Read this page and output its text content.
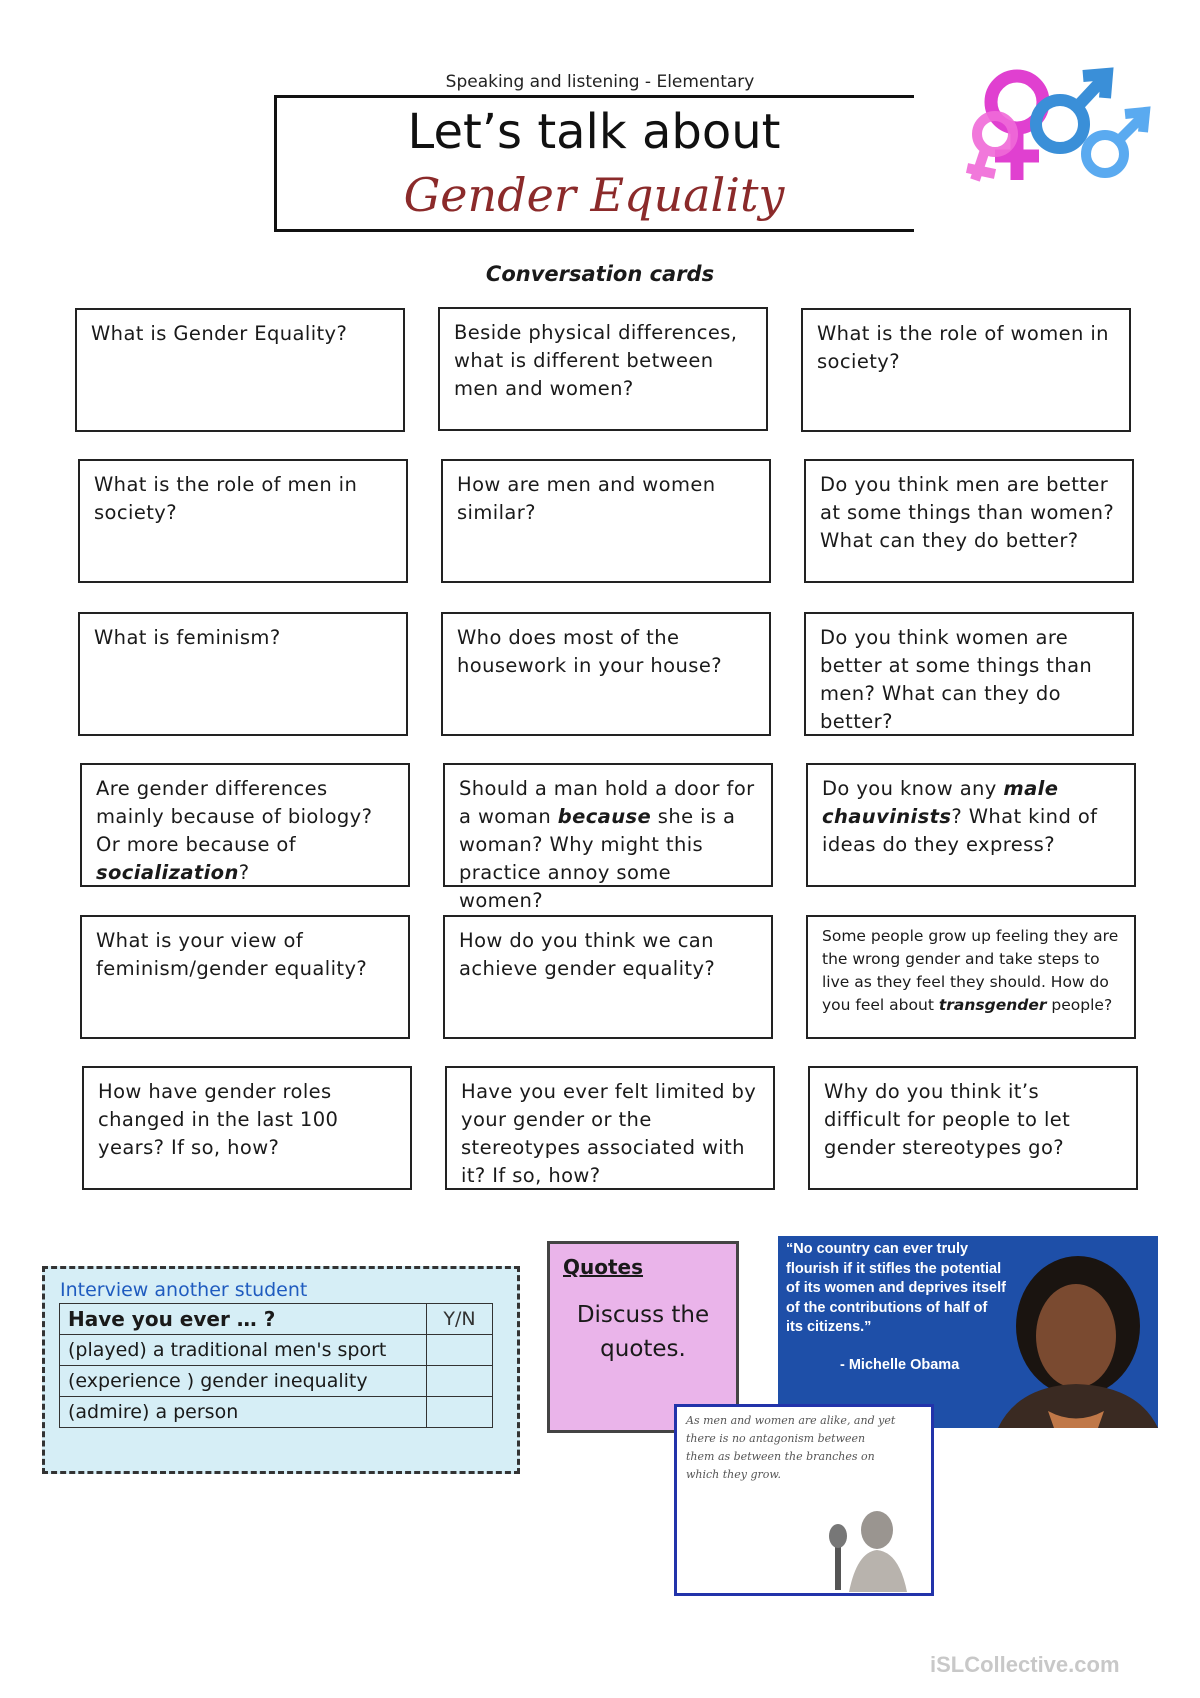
Speaking and listening - Elementary
Let’s talk about
Gender Equality
Conversation cards
What is Gender Equality?	Beside physical differences, what is different between men and women?
What is the role of women in society?
What is the role of men in society?
How are men and women similar?
Do you think men are better at some things than women? What can they do better?
What is feminism?	Who does most of the housework in your house?
Do you think women are better at some things than men? What can they do better?
Are gender differences mainly because of biology? Or more because of socialization?
Should a man hold a door for a woman because she is a woman? Why might this practice annoy some women?
Do you know any male chauvinists? What kind of ideas do they express?
What is your view of feminism/gender equality?
How do you think we can achieve gender equality?
Some people grow up feeling they are the wrong gender and take steps to live as they feel they should. How do you feel about transgender people?
How have gender roles changed in the last 100 years? If so, how?
Have you ever felt limited by your gender or the stereotypes associated with it? If so, how?
Why do you think it’s difficult for people to let gender stereotypes go?
Interview another student
Have you ever … ?	Y/N
(played) a traditional men's sport	
(experience ) gender inequality	
(admire) a person	
Quotes
Discuss the quotes.
“No country can ever truly flourish if it stifles the potential of its women and deprives itself of the contributions of half of its citizens.”
- Michelle Obama
As men and women are alike, and yet there is no antagonism between them as between the branches on which they grow.
iSLCollective.com
